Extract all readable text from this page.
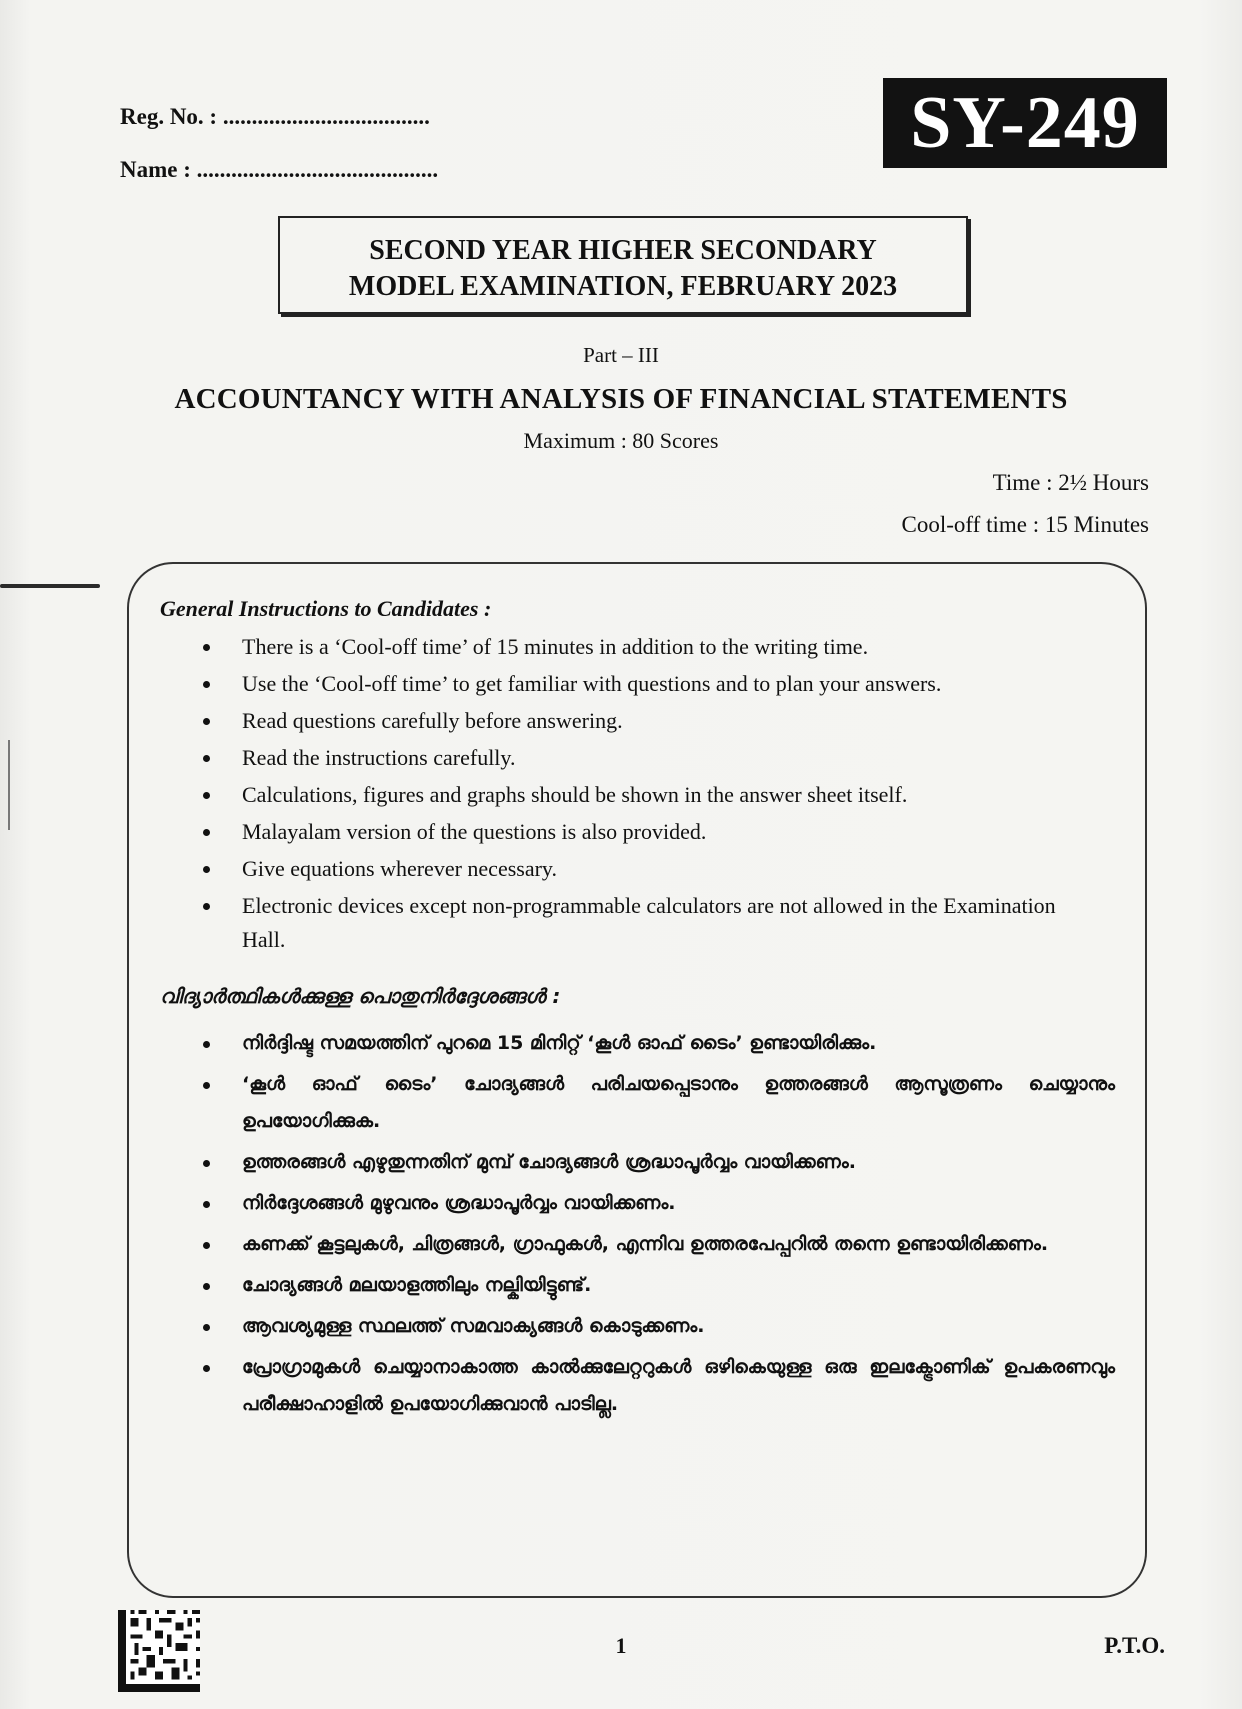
Reg. No. : ....................................
Name : ..........................................
SY-249
SECOND YEAR HIGHER SECONDARY
MODEL EXAMINATION, FEBRUARY 2023
Part – III
ACCOUNTANCY WITH ANALYSIS OF FINANCIAL STATEMENTS
Maximum : 80 Scores
Time : 2½ Hours
Cool-off time : 15 Minutes
General Instructions to Candidates :
There is a ‘Cool-off time’ of 15 minutes in addition to the writing time.
Use the ‘Cool-off time’ to get familiar with questions and to plan your answers.
Read questions carefully before answering.
Read the instructions carefully.
Calculations, figures and graphs should be shown in the answer sheet itself.
Malayalam version of the questions is also provided.
Give equations wherever necessary.
Electronic devices except non-programmable calculators are not allowed in the Examination Hall.
വിദ്യാർത്ഥികൾക്കുള്ള പൊതുനിർദ്ദേശങ്ങൾ :
നിർദ്ദിഷ്ട സമയത്തിന് പുറമെ 15 മിനിറ്റ് ‘കൂൾ ഓഫ് ടൈം’ ഉണ്ടായിരിക്കും.
‘കൂൾ ഓഫ് ടൈം’ ചോദ്യങ്ങൾ പരിചയപ്പെടാനും ഉത്തരങ്ങൾ ആസൂത്രണം ചെയ്യാനും ഉപയോഗിക്കുക.
ഉത്തരങ്ങൾ എഴുതുന്നതിന് മുമ്പ് ചോദ്യങ്ങൾ ശ്രദ്ധാപൂർവ്വം വായിക്കണം.
നിർദ്ദേശങ്ങൾ മുഴുവനും ശ്രദ്ധാപൂർവ്വം വായിക്കണം.
കണക്ക് കൂട്ടലുകൾ, ചിത്രങ്ങൾ, ഗ്രാഫുകൾ, എന്നിവ ഉത്തരപേപ്പറിൽ തന്നെ ഉണ്ടായിരിക്കണം.
ചോദ്യങ്ങൾ മലയാളത്തിലും നല്കിയിട്ടുണ്ട്.
ആവശ്യമുള്ള സ്ഥലത്ത് സമവാക്യങ്ങൾ കൊടുക്കണം.
പ്രോഗ്രാമുകൾ ചെയ്യാനാകാത്ത കാൽക്കുലേറ്ററുകൾ ഒഴികെയുള്ള ഒരു ഇലക്ട്രോണിക് ഉപകരണവും പരീക്ഷാഹാളിൽ ഉപയോഗിക്കുവാൻ പാടില്ല.
1	P.T.O.
